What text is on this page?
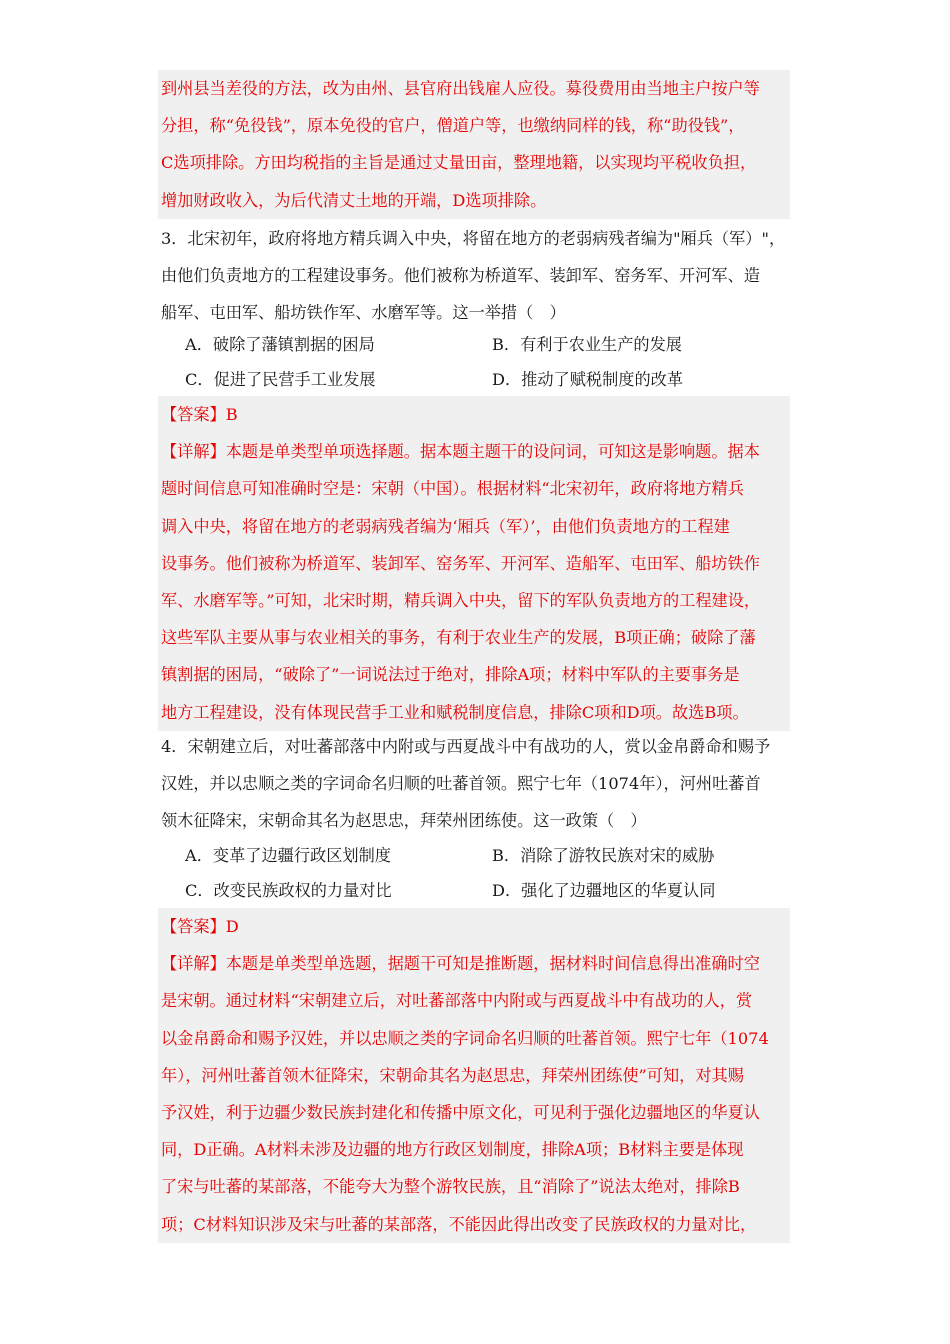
到州县当差役的方法，改为由州、县官府出钱雇人应役。募役费用由当地主户按户等
分担，称“免役钱”，原本免役的官户，僧道户等，也缴纳同样的钱，称“助役钱”，
C选项排除。方田均税指的主旨是通过丈量田亩，整理地籍，以实现均平税收负担，
增加财政收入，为后代清丈土地的开端，D选项排除。
3．北宋初年，政府将地方精兵调入中央，将留在地方的老弱病残者编为"厢兵（军）"，
由他们负责地方的工程建设事务。他们被称为桥道军、装卸军、窑务军、开河军、造
船军、屯田军、船坊铁作军、水磨军等。这一举措（　）
A．破除了藩镇割据的困局	B．有利于农业生产的发展
C．促进了民营手工业发展	D．推动了赋税制度的改革
【答案】B
【详解】本题是单类型单项选择题。据本题主题干的设问词，可知这是影响题。据本
题时间信息可知准确时空是：宋朝（中国）。根据材料“北宋初年，政府将地方精兵
调入中央，将留在地方的老弱病残者编为‘厢兵（军）’，由他们负责地方的工程建
设事务。他们被称为桥道军、装卸军、窑务军、开河军、造船军、屯田军、船坊铁作
军、水磨军等。”可知，北宋时期，精兵调入中央，留下的军队负责地方的工程建设，
这些军队主要从事与农业相关的事务，有利于农业生产的发展，B项正确；破除了藩
镇割据的困局，“破除了”一词说法过于绝对，排除A项；材料中军队的主要事务是
地方工程建设，没有体现民营手工业和赋税制度信息，排除C项和D项。故选B项。
4．宋朝建立后，对吐蕃部落中内附或与西夏战斗中有战功的人，赏以金帛爵命和赐予
汉姓，并以忠顺之类的字词命名归顺的吐蕃首领。熙宁七年（1074年），河州吐蕃首
领木征降宋，宋朝命其名为赵思忠，拜荣州团练使。这一政策（　）
A．变革了边疆行政区划制度	B．消除了游牧民族对宋的威胁
C．改变民族政权的力量对比	D．强化了边疆地区的华夏认同
【答案】D
【详解】本题是单类型单选题，据题干可知是推断题，据材料时间信息得出准确时空
是宋朝。通过材料“宋朝建立后，对吐蕃部落中内附或与西夏战斗中有战功的人，赏
以金帛爵命和赐予汉姓，并以忠顺之类的字词命名归顺的吐蕃首领。熙宁七年（1074
年），河州吐蕃首领木征降宋，宋朝命其名为赵思忠，拜荣州团练使”可知，对其赐
予汉姓，利于边疆少数民族封建化和传播中原文化，可见利于强化边疆地区的华夏认
同，D正确。A材料未涉及边疆的地方行政区划制度，排除A项；B材料主要是体现
了宋与吐蕃的某部落，不能夸大为整个游牧民族，且“消除了”说法太绝对，排除B
项；C材料知识涉及宋与吐蕃的某部落，不能因此得出改变了民族政权的力量对比，
